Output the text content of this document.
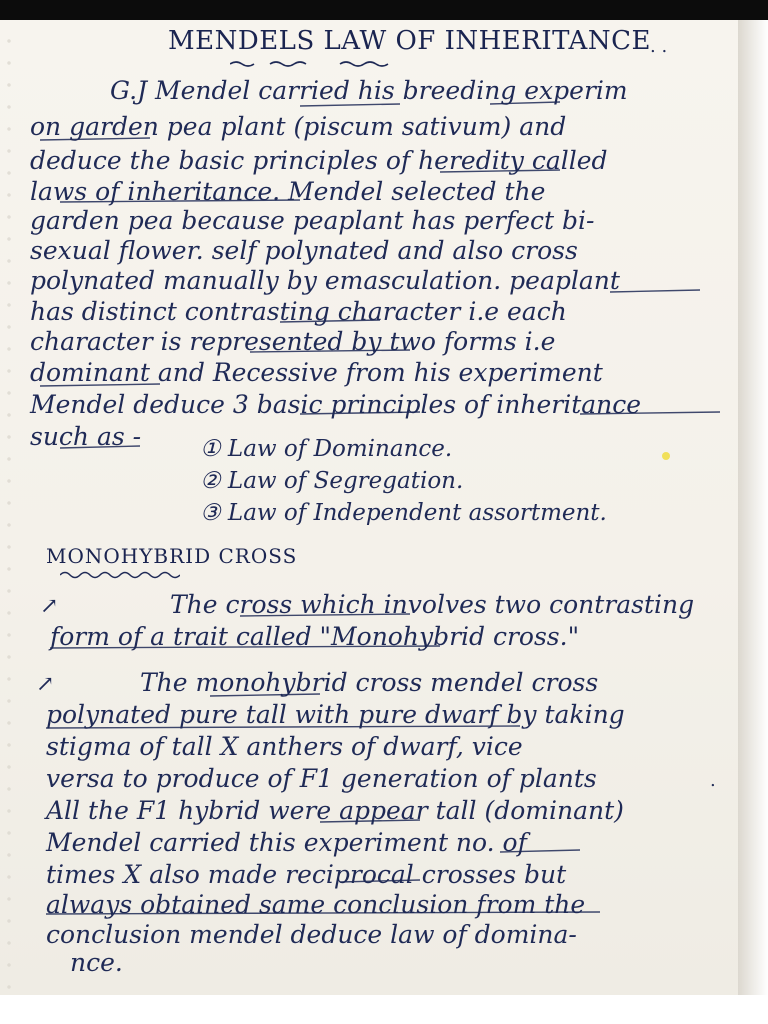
MENDELS LAW OF INHERITANCE
G.J Mendel carried his breeding experim
on garden pea plant (piscum sativum) and
deduce the basic principles of heredity called
laws of inheritance. Mendel selected the
garden pea because peaplant has perfect bi-
sexual flower. self polynated and also cross
polynated manually by emasculation. peaplant
has distinct contrasting character i.e each
character is represented by two forms i.e
dominant and Recessive from his experiment
Mendel deduce 3 basic principles of inheritance
such as -	① Law of Dominance.
② Law of Segregation.
③ Law of Independent assortment.
MONOHYBRID CROSS
↗	The cross which involves two contrasting
form of a trait called "Monohybrid cross."
↗	The monohybrid cross mendel cross
polynated pure tall with pure dwarf by taking
stigma of tall X anthers of dwarf, vice
versa to produce of F1 generation of plants
All the F1 hybrid were appear tall (dominant)
Mendel carried this experiment no. of
times X also made reciprocal crosses but
always obtained same conclusion from the
conclusion mendel deduce law of domina-
nce.
. .
.
